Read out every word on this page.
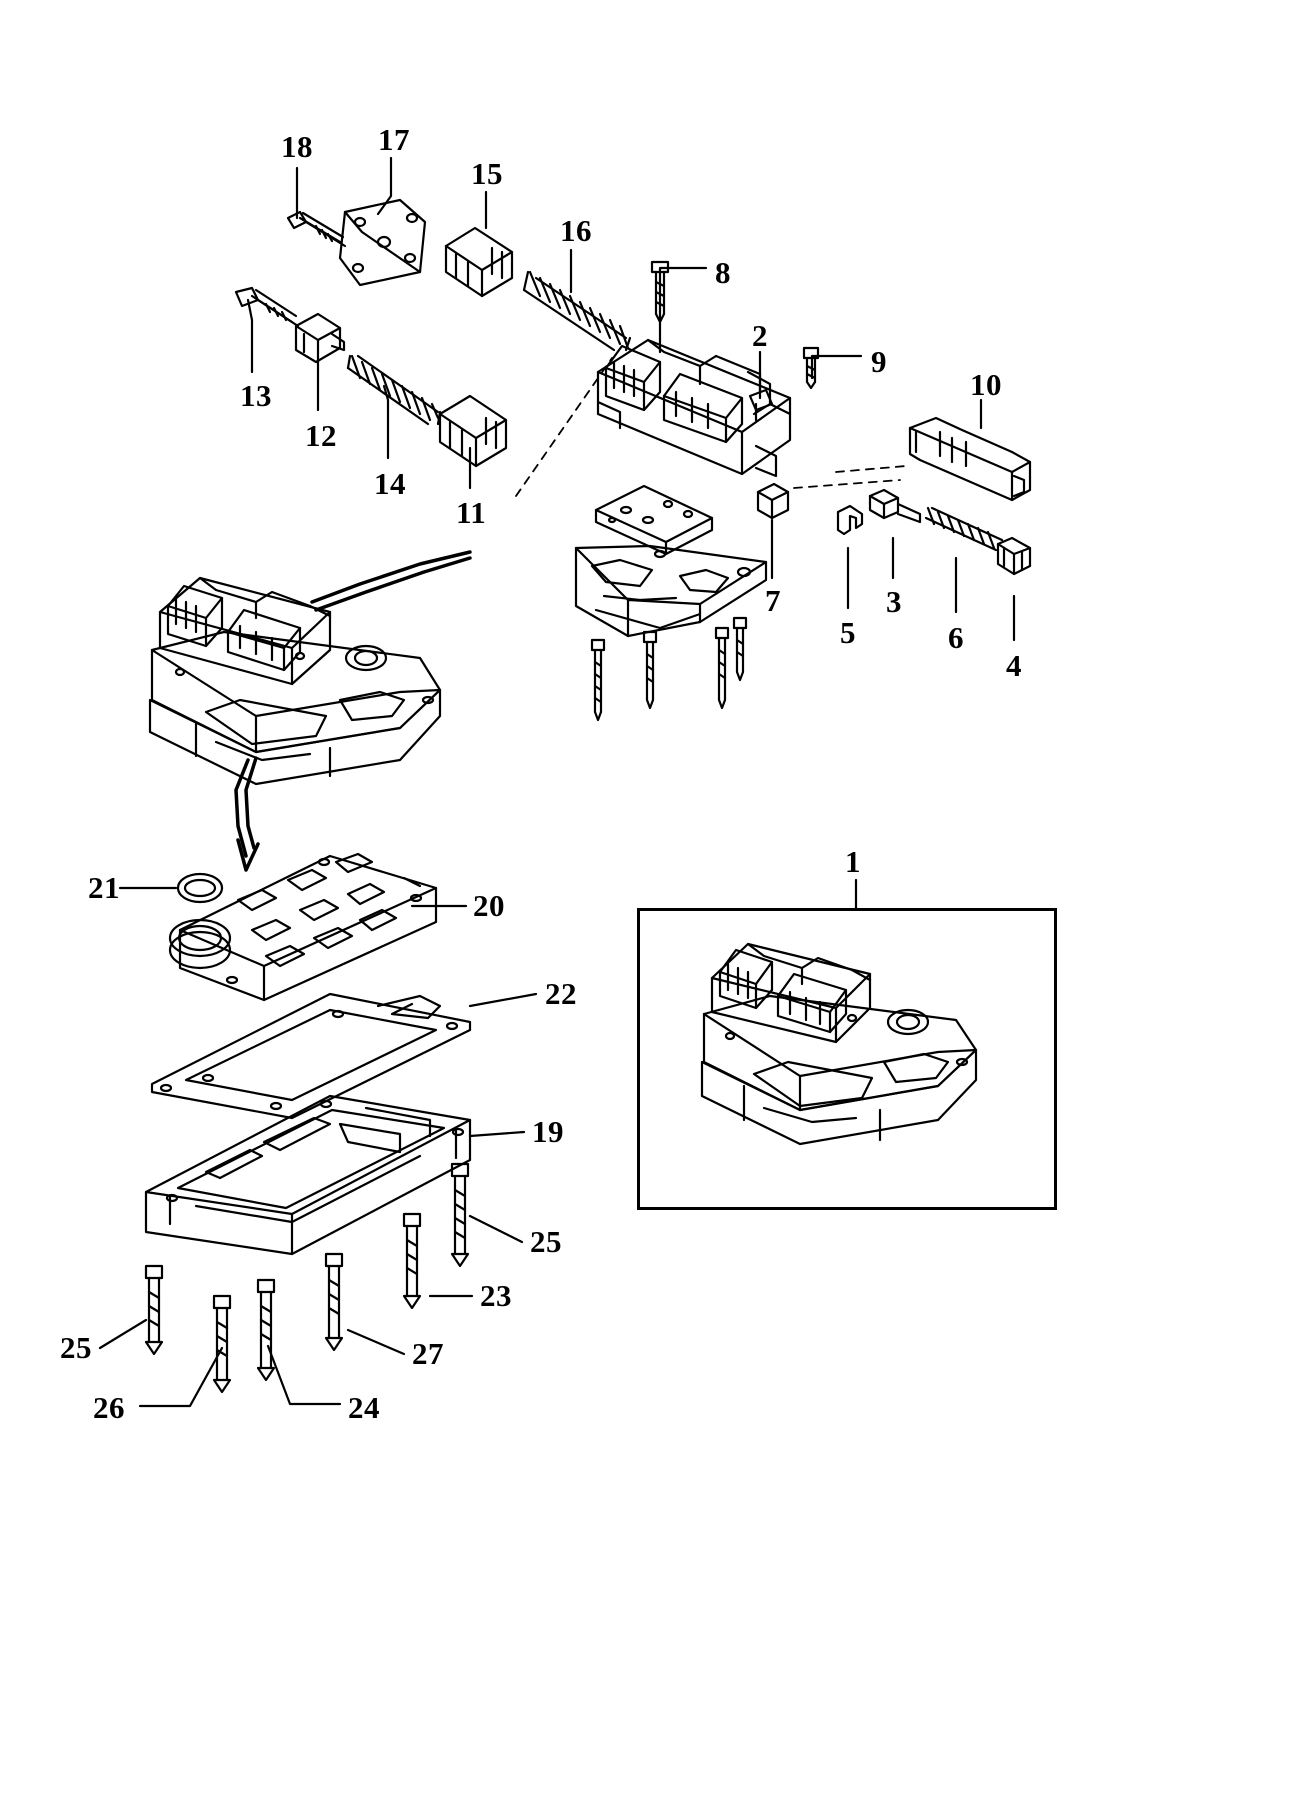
18 17
15
16
8
2
9
10
13
12
14
11
7
5
3
6
4
1
21
20
22
19
25
23
25	27
26	24
